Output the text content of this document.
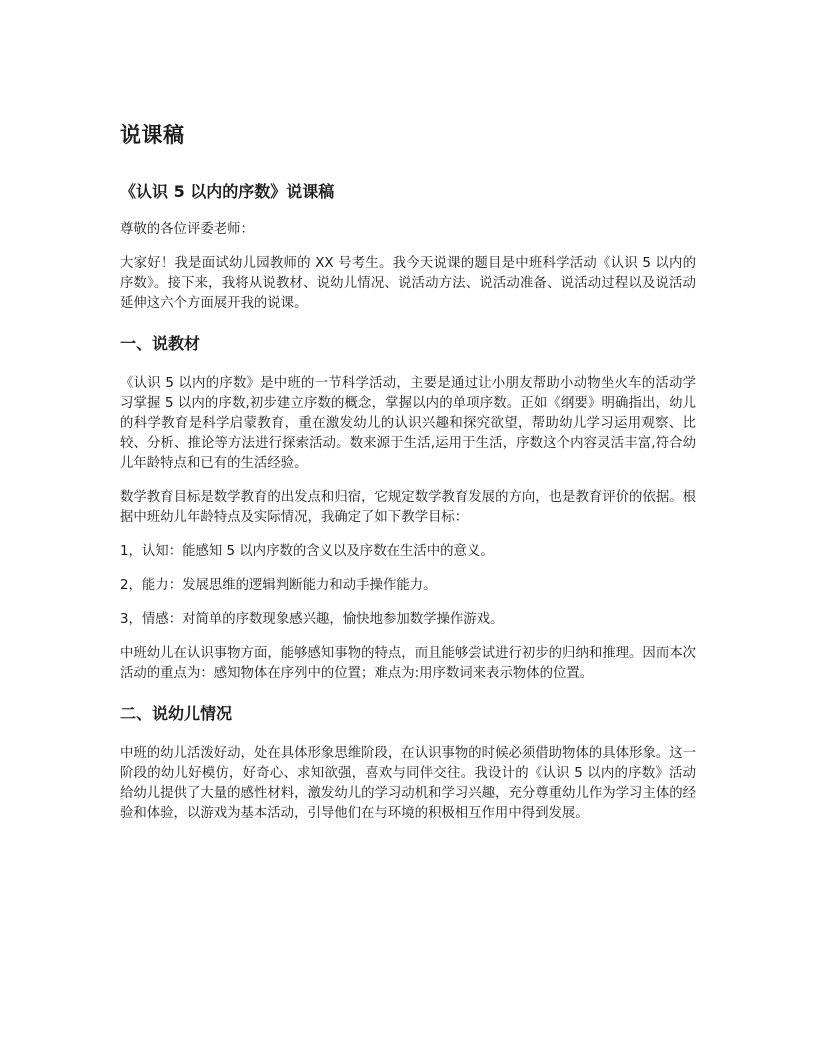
说课稿
《认识 5 以内的序数》说课稿

尊敬的各位评委老师：

大家好！我是面试幼儿园教师的 XX 号考生。我今天说课的题目是中班科学活动《认识 5 以内的序数》。接下来，我将从说教材、说幼儿情况、说活动方法、说活动准备、说活动过程以及说活动延伸这六个方面展开我的说课。

一、说教材

《认识 5 以内的序数》是中班的一节科学活动，主要是通过让小朋友帮助小动物坐火车的活动学习掌握 5 以内的序数,初步建立序数的概念，掌握以内的单项序数。正如《纲要》明确指出，幼儿的科学教育是科学启蒙教育，重在激发幼儿的认识兴趣和探究欲望，帮助幼儿学习运用观察、比较、分析、推论等方法进行探索活动。数来源于生活,运用于生活，序数这个内容灵活丰富,符合幼儿年龄特点和已有的生活经验。

数学教育目标是数学教育的出发点和归宿，它规定数学教育发展的方向，也是教育评价的依据。根据中班幼儿年龄特点及实际情况，我确定了如下教学目标：

1，认知：能感知 5 以内序数的含义以及序数在生活中的意义。

2，能力：发展思维的逻辑判断能力和动手操作能力。

3，情感：对简单的序数现象感兴趣，愉快地参加数学操作游戏。

中班幼儿在认识事物方面，能够感知事物的特点，而且能够尝试进行初步的归纳和推理。因而本次活动的重点为：感知物体在序列中的位置；难点为:用序数词来表示物体的位置。

二、说幼儿情况

中班的幼儿活泼好动，处在具体形象思维阶段，在认识事物的时候必须借助物体的具体形象。这一阶段的幼儿好模仿，好奇心、求知欲强，喜欢与同伴交往。我设计的《认识 5 以内的序数》活动给幼儿提供了大量的感性材料，激发幼儿的学习动机和学习兴趣，充分尊重幼儿作为学习主体的经验和体验，以游戏为基本活动，引导他们在与环境的积极相互作用中得到发展。
